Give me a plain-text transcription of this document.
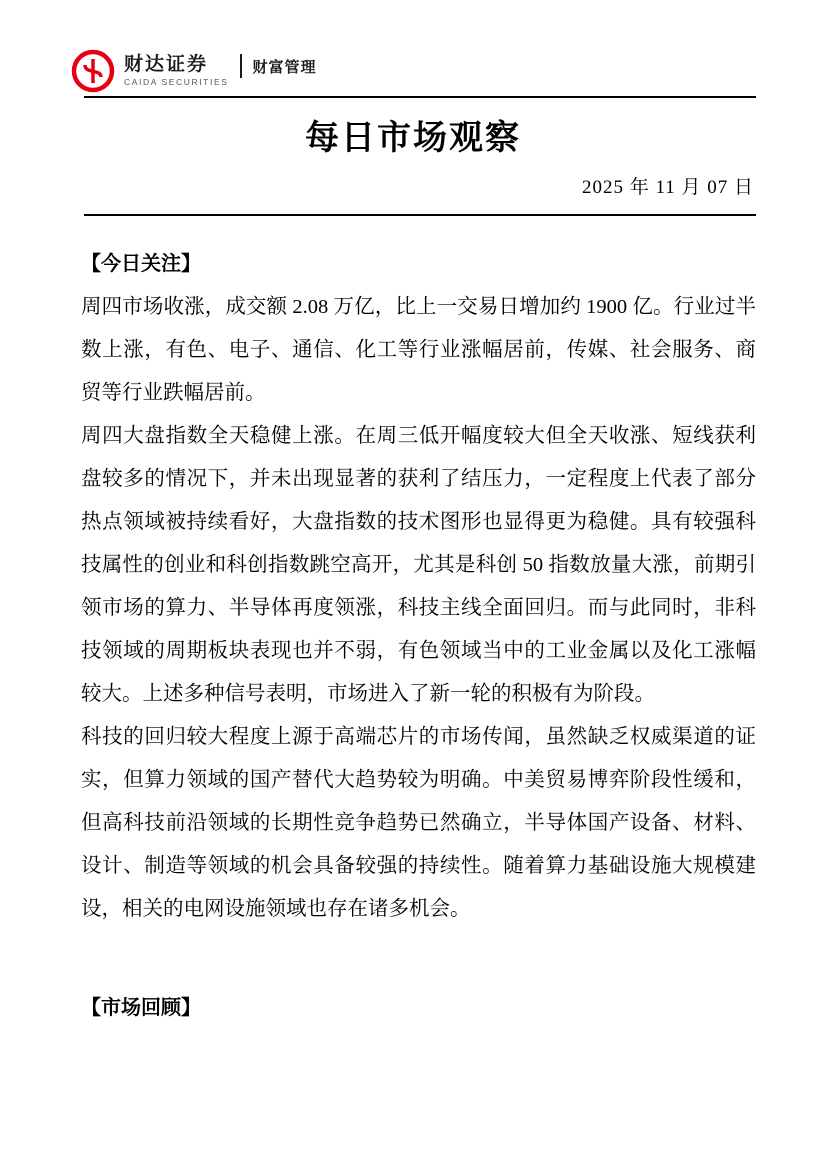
财达证券
CAIDA SECURITIES
财富管理
每日市场观察
2025 年 11 月 07 日
【今日关注】

周四市场收涨，成交额 2.08 万亿，比上一交易日增加约 1900 亿。行业过半数上涨，有色、电子、通信、化工等行业涨幅居前，传媒、社会服务、商贸等行业跌幅居前。

周四大盘指数全天稳健上涨。在周三低开幅度较大但全天收涨、短线获利盘较多的情况下，并未出现显著的获利了结压力，一定程度上代表了部分热点领域被持续看好，大盘指数的技术图形也显得更为稳健。具有较强科技属性的创业和科创指数跳空高开，尤其是科创 50 指数放量大涨，前期引领市场的算力、半导体再度领涨，科技主线全面回归。而与此同时，非科技领域的周期板块表现也并不弱，有色领域当中的工业金属以及化工涨幅较大。上述多种信号表明，市场进入了新一轮的积极有为阶段。

科技的回归较大程度上源于高端芯片的市场传闻，虽然缺乏权威渠道的证实，但算力领域的国产替代大趋势较为明确。中美贸易博弈阶段性缓和，但高科技前沿领域的长期性竞争趋势已然确立，半导体国产设备、材料、设计、制造等领域的机会具备较强的持续性。随着算力基础设施大规模建设，相关的电网设施领域也存在诸多机会。

【市场回顾】
